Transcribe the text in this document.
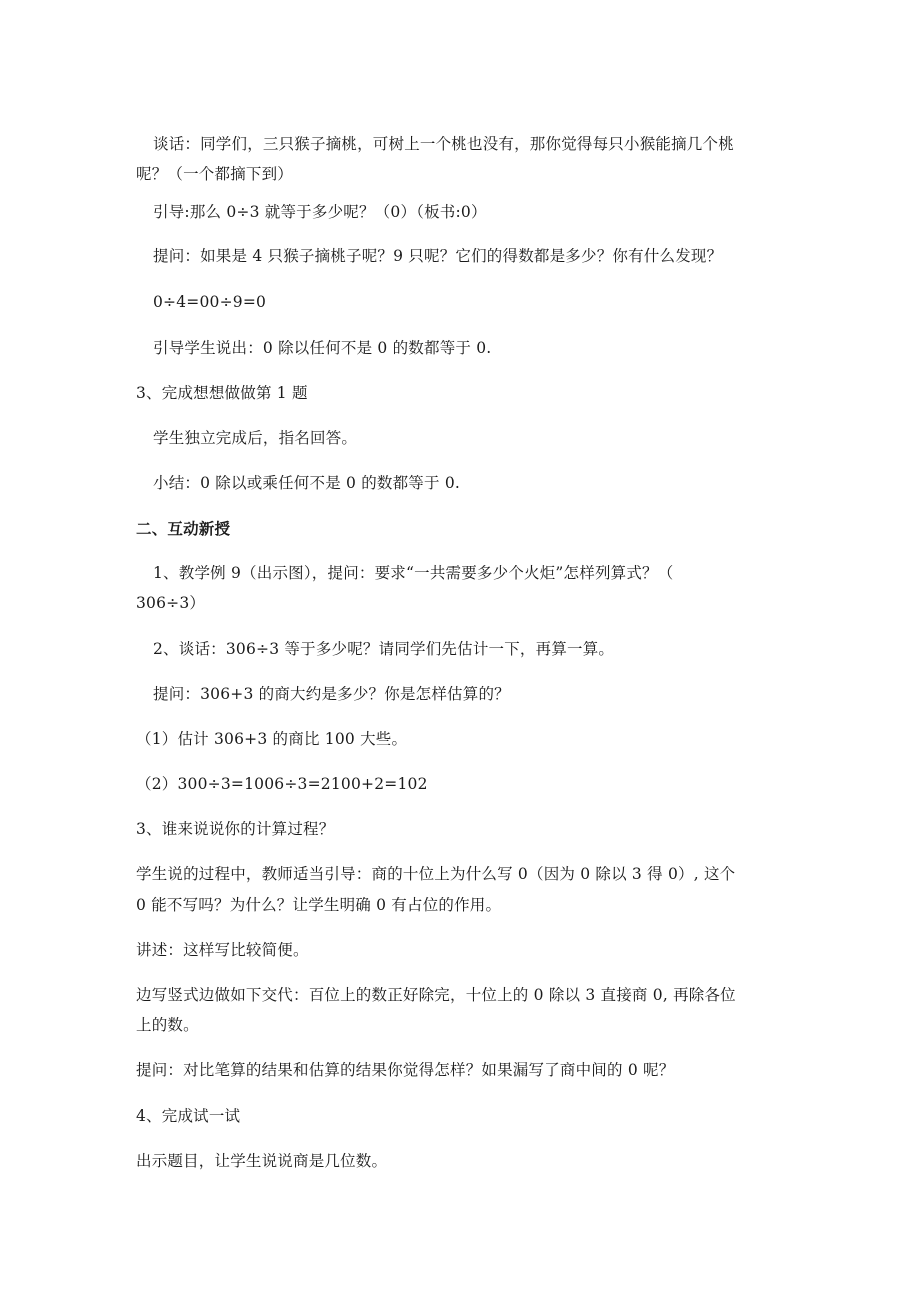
谈话：同学们，三只猴子摘桃，可树上一个桃也没有，那你觉得每只小猴能摘几个桃
呢？（一个都摘下到）
引导:那么 0÷3 就等于多少呢？（0）（板书:0）
提问：如果是 4 只猴子摘桃子呢？9 只呢？它们的得数都是多少？你有什么发现？
0÷4=00÷9=0
引导学生说出：0 除以任何不是 0 的数都等于 0.
3、完成想想做做第 1 题
学生独立完成后，指名回答。
小结：0 除以或乘任何不是 0 的数都等于 0.
二、互动新授
1、教学例 9（出示图），提问：要求“一共需要多少个火炬”怎样列算式？（
306÷3）
2、谈话：306÷3 等于多少呢？请同学们先估计一下，再算一算。
提问：306+3 的商大约是多少？你是怎样估算的？
（1）估计 306+3 的商比 100 大些。
（2）300÷3=1006÷3=2100+2=102
3、谁来说说你的计算过程？
学生说的过程中，教师适当引导：商的十位上为什么写 0（因为 0 除以 3 得 0）, 这个
0 能不写吗？为什么？让学生明确 0 有占位的作用。
讲述：这样写比较简便。
边写竖式边做如下交代：百位上的数正好除完，十位上的 0 除以 3 直接商 0, 再除各位
上的数。
提问：对比笔算的结果和估算的结果你觉得怎样？如果漏写了商中间的 0 呢？
4、完成试一试
出示题目，让学生说说商是几位数。
